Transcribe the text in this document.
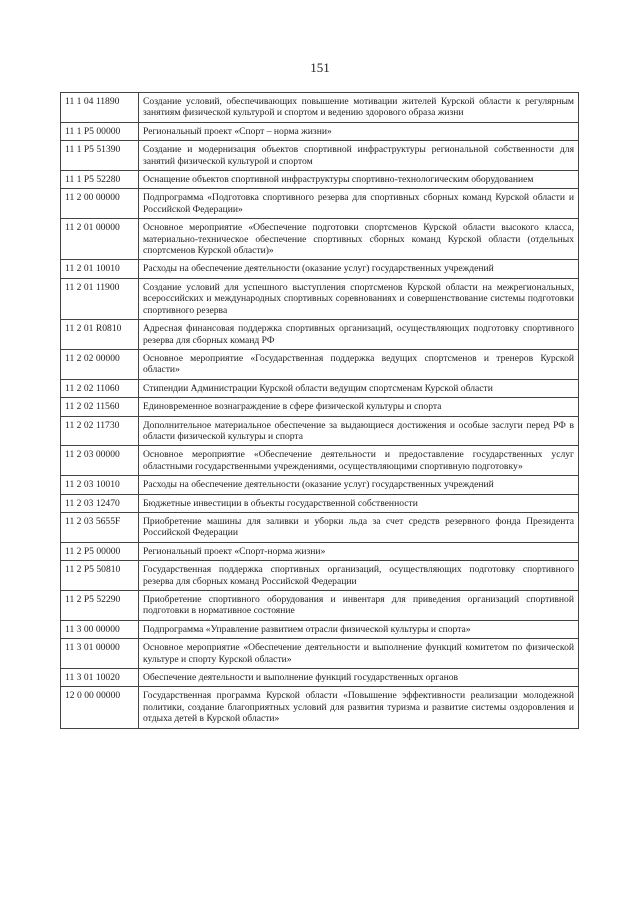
151
11 1 04 11890	Создание условий, обеспечивающих повышение мотивации жителей Курской области к регулярным занятиям физической культурой и спортом и ведению здорового образа жизни
11 1 P5 00000	Региональный проект «Спорт – норма жизни»
11 1 P5 51390	Создание и модернизация объектов спортивной инфраструктуры региональной собственности для занятий физической культурой и спортом
11 1 P5 52280	Оснащение объектов спортивной инфраструктуры спортивно-технологическим оборудованием
11 2 00 00000	Подпрограмма «Подготовка спортивного резерва для спортивных сборных команд Курской области и Российской Федерации»
11 2 01 00000	Основное мероприятие «Обеспечение подготовки спортсменов Курской области высокого класса, материально-техническое обеспечение спортивных сборных команд Курской области (отдельных спортсменов Курской области)»
11 2 01 10010	Расходы на обеспечение деятельности (оказание услуг) государственных учреждений
11 2 01 11900	Создание условий для успешного выступления спортсменов Курской области на межрегиональных, всероссийских и международных спортивных соревнованиях и совершенствование системы подготовки спортивного резерва
11 2 01 R0810	Адресная финансовая поддержка спортивных организаций, осуществляющих подготовку спортивного резерва для сборных команд РФ
11 2 02 00000	Основное мероприятие «Государственная поддержка ведущих спортсменов и тренеров Курской области»
11 2 02 11060	Стипендии Администрации Курской области ведущим спортсменам Курской области
11 2 02 11560	Единовременное вознаграждение в сфере физической культуры и спорта
11 2 02 11730	Дополнительное материальное обеспечение за выдающиеся достижения и особые заслуги перед РФ в области физической культуры и спорта
11 2 03 00000	Основное мероприятие «Обеспечение деятельности и предоставление государственных услуг областными государственными учреждениями, осуществляющими спортивную подготовку»
11 2 03 10010	Расходы на обеспечение деятельности (оказание услуг) государственных учреждений
11 2 03 12470	Бюджетные инвестиции в объекты государственной собственности
11 2 03 5655F	Приобретение машины для заливки и уборки льда за счет средств резервного фонда Президента Российской Федерации
11 2 P5 00000	Региональный проект «Спорт-норма жизни»
11 2 P5 50810	Государственная поддержка спортивных организаций, осуществляющих подготовку спортивного резерва для сборных команд Российской Федерации
11 2 P5 52290	Приобретение спортивного оборудования и инвентаря для приведения организаций спортивной подготовки в нормативное состояние
11 3 00 00000	Подпрограмма «Управление развитием отрасли физической культуры и спорта»
11 3 01 00000	Основное мероприятие «Обеспечение деятельности и выполнение функций комитетом по физической культуре и спорту Курской области»
11 3 01 10020	Обеспечение деятельности и выполнение функций государственных органов
12 0 00 00000	Государственная программа Курской области «Повышение эффективности реализации молодежной политики, создание благоприятных условий для развития туризма и развитие системы оздоровления и отдыха детей в Курской области»
